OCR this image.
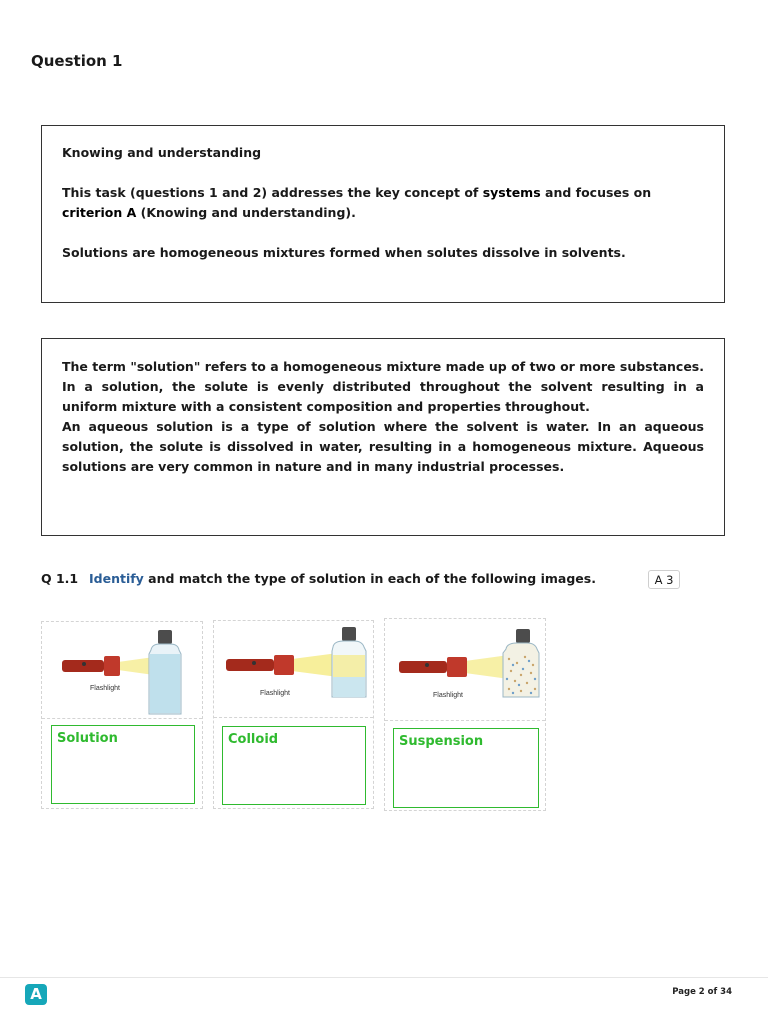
Question 1

Knowing and understanding

This task (questions 1 and 2) addresses the key concept of systems and focuses on criterion A (Knowing and understanding).

Solutions are homogeneous mixtures formed when solutes dissolve in solvents.

The term "solution" refers to a homogeneous mixture made up of two or more substances. In a solution, the solute is evenly distributed throughout the solvent resulting in a uniform mixture with a consistent composition and properties throughout.

An aqueous solution is a type of solution where the solvent is water. In an aqueous solution, the solute is dissolved in water, resulting in a homogeneous mixture. Aqueous solutions are very common in nature and in many industrial processes.

Q 1.1 Identify and match the type of solution in each of the following images.	A 3
Flashlight
Solution
Flashlight
Colloid
Flashlight
Suspension
A	Page 2 of 34
